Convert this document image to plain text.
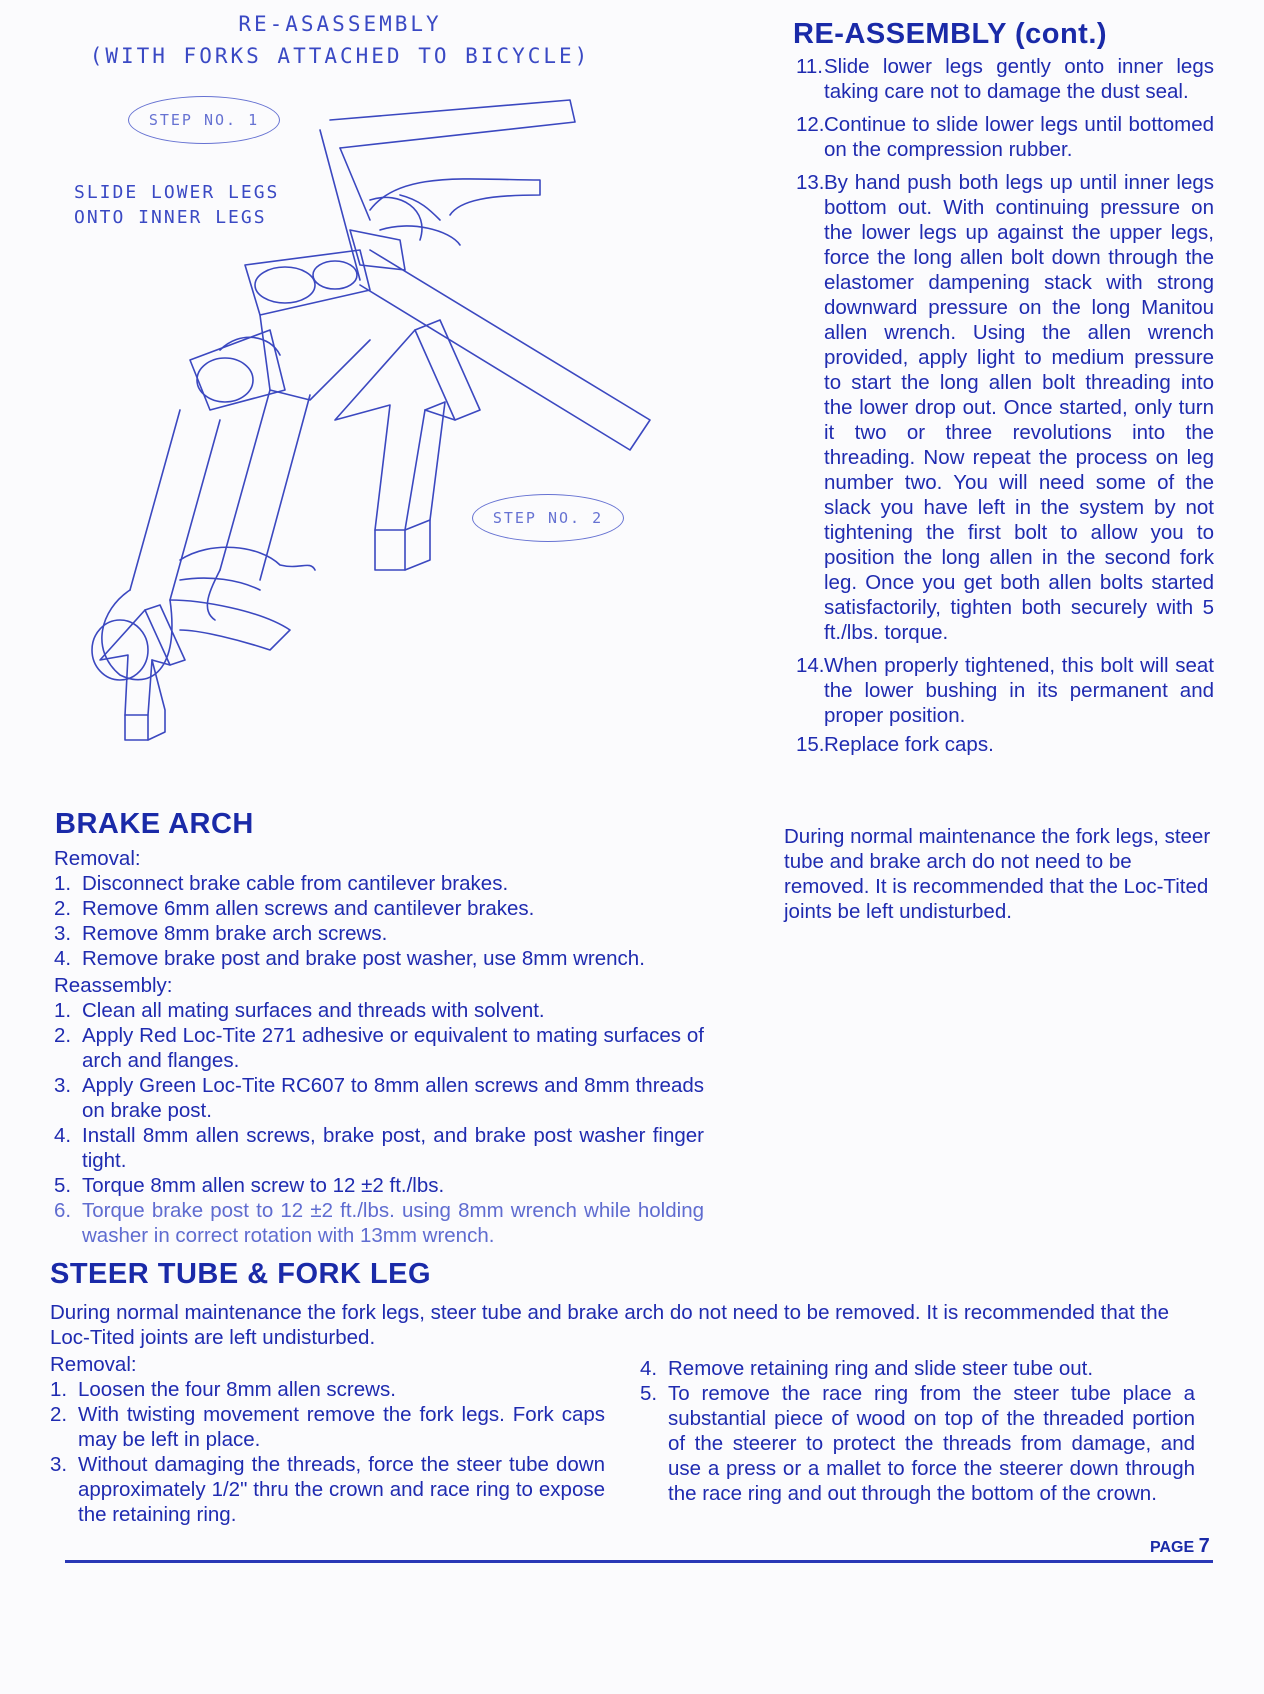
RE-ASASSEMBLY
(WITH FORKS ATTACHED TO BICYCLE)
STEP NO. 1
SLIDE LOWER LEGS
ONTO INNER LEGS
STEP NO. 2
RE-ASSEMBLY (cont.)
11. Slide lower legs gently onto inner legs taking care not to damage the dust seal.
12. Continue to slide lower legs until bottomed on the compression rubber.
13. By hand push both legs up until inner legs bottom out. With continuing pressure on the lower legs up against the upper legs, force the long allen bolt down through the elastomer dampening stack with strong downward pressure on the long Manitou allen wrench. Using the allen wrench provided, apply light to medium pressure to start the long allen bolt threading into the lower drop out. Once started, only turn it two or three revolutions into the threading. Now repeat the process on leg number two. You will need some of the slack you have left in the system by not tightening the first bolt to allow you to position the long allen in the second fork leg. Once you get both allen bolts started satisfactorily, tighten both securely with 5 ft./lbs. torque.
14. When properly tightened, this bolt will seat the lower bushing in its permanent and proper position.
15. Replace fork caps.

During normal maintenance the fork legs, steer tube and brake arch do not need to be removed. It is recommended that the Loc-Tited joints be left undisturbed.

BRAKE ARCH
Removal:
1. Disconnect brake cable from cantilever brakes.
2. Remove 6mm allen screws and cantilever brakes.
3. Remove 8mm brake arch screws.
4. Remove brake post and brake post washer, use 8mm wrench.
Reassembly:
1. Clean all mating surfaces and threads with solvent.
2. Apply Red Loc-Tite 271 adhesive or equivalent to mating surfaces of arch and flanges.
3. Apply Green Loc-Tite RC607 to 8mm allen screws and 8mm threads on brake post.
4. Install 8mm allen screws, brake post, and brake post washer finger tight.
5. Torque 8mm allen screw to 12 ±2 ft./lbs.
6. Torque brake post to 12 ±2 ft./lbs. using 8mm wrench while holding washer in correct rotation with 13mm wrench.
STEER TUBE & FORK LEG

During normal maintenance the fork legs, steer tube and brake arch do not need to be removed. It is recommended that the Loc-Tited joints are left undisturbed.

Removal:
1. Loosen the four 8mm allen screws.
2. With twisting movement remove the fork legs. Fork caps may be left in place.
3. Without damaging the threads, force the steer tube down approximately 1/2" thru the crown and race ring to expose the retaining ring.
4. Remove retaining ring and slide steer tube out.
5. To remove the race ring from the steer tube place a substantial piece of wood on top of the threaded portion of the steerer to protect the threads from damage, and use a press or a mallet to force the steerer down through the race ring and out through the bottom of the crown.
PAGE 7
